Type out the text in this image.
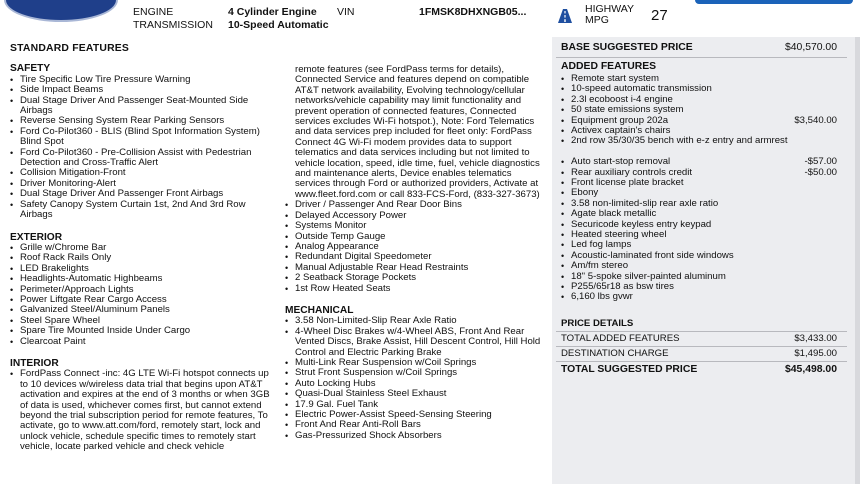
ENGINE	4 Cylinder Engine VIN	1FMSK8DHXNGB05...
TRANSMISSION 10-Speed Automatic
HIGHWAY
MPG	27
STANDARD FEATURES
SAFETY
• Tire Specific Low Tire Pressure Warning
• Side Impact Beams
• Dual Stage Driver And Passenger Seat-Mounted Side Airbags
• Reverse Sensing System Rear Parking Sensors
• Ford Co-Pilot360 - BLIS (Blind Spot Information System) Blind Spot
• Ford Co-Pilot360 - Pre-Collision Assist with Pedestrian Detection and Cross-Traffic Alert
• Collision Mitigation-Front
• Driver Monitoring-Alert
• Dual Stage Driver And Passenger Front Airbags
• Safety Canopy System Curtain 1st, 2nd And 3rd Row Airbags
EXTERIOR
• Grille w/Chrome Bar
• Roof Rack Rails Only
• LED Brakelights
• Headlights-Automatic Highbeams
• Perimeter/Approach Lights
• Power Liftgate Rear Cargo Access
• Galvanized Steel/Aluminum Panels
• Steel Spare Wheel
• Spare Tire Mounted Inside Under Cargo
• Clearcoat Paint
INTERIOR
• FordPass Connect -inc: 4G LTE Wi-Fi hotspot connects up to 10 devices w/wireless data trial that begins upon AT&T activation and expires at the end of 3 months or when 3GB of data is used, whichever comes first, but cannot extend beyond the trial subscription period for remote features, To activate, go to www.att.com/ford, remotely start, lock and unlock vehicle, schedule specific times to remotely start vehicle, locate parked vehicle and check vehicle
remote features (see FordPass terms for details), Connected Service and features depend on compatible AT&T network availability, Evolving technology/cellular networks/vehicle capability may limit functionality and prevent operation of connected features, Connected services excludes Wi-Fi hotspot.), Note: Ford Telematics and data services prep included for fleet only: FordPass Connect 4G Wi-Fi modem provides data to support telematics and data services including but not limited to vehicle location, speed, idle time, fuel, vehicle diagnostics and maintenance alerts, Device enables telematics services through Ford or authorized providers, Activate at www.fleet.ford.com or call 833-FCS-Ford, (833-327-3673)
• Driver / Passenger And Rear Door Bins
• Delayed Accessory Power
• Systems Monitor
• Outside Temp Gauge
• Analog Appearance
• Redundant Digital Speedometer
• Manual Adjustable Rear Head Restraints
• 2 Seatback Storage Pockets
• 1st Row Heated Seats
MECHANICAL
• 3.58 Non-Limited-Slip Rear Axle Ratio
• 4-Wheel Disc Brakes w/4-Wheel ABS, Front And Rear Vented Discs, Brake Assist, Hill Descent Control, Hill Hold Control and Electric Parking Brake
• Multi-Link Rear Suspension w/Coil Springs
• Strut Front Suspension w/Coil Springs
• Auto Locking Hubs
• Quasi-Dual Stainless Steel Exhaust
• 17.9 Gal. Fuel Tank
• Electric Power-Assist Speed-Sensing Steering
• Front And Rear Anti-Roll Bars
• Gas-Pressurized Shock Absorbers
BASE SUGGESTED PRICE	$40,570.00
ADDED FEATURES
• Remote start system
• 10-speed automatic transmission
• 2.3l ecoboost i-4 engine
• 50 state emissions system
• Equipment group 202a	$3,540.00
• Activex captain's chairs
• 2nd row 35/30/35 bench with e-z entry and armrest
• Auto start-stop removal	-$57.00
• Rear auxiliary controls credit	-$50.00
• Front license plate bracket
• Ebony
• 3.58 non-limited-slip rear axle ratio
• Agate black metallic
• Securicode keyless entry keypad
• Heated steering wheel
• Led fog lamps
• Acoustic-laminated front side windows
• Am/fm stereo
• 18" 5-spoke silver-painted aluminum
• P255/65r18 as bsw tires
• 6,160 lbs gvwr
PRICE DETAILS
TOTAL ADDED FEATURES	$3,433.00
DESTINATION CHARGE	$1,495.00
TOTAL SUGGESTED PRICE	$45,498.00
